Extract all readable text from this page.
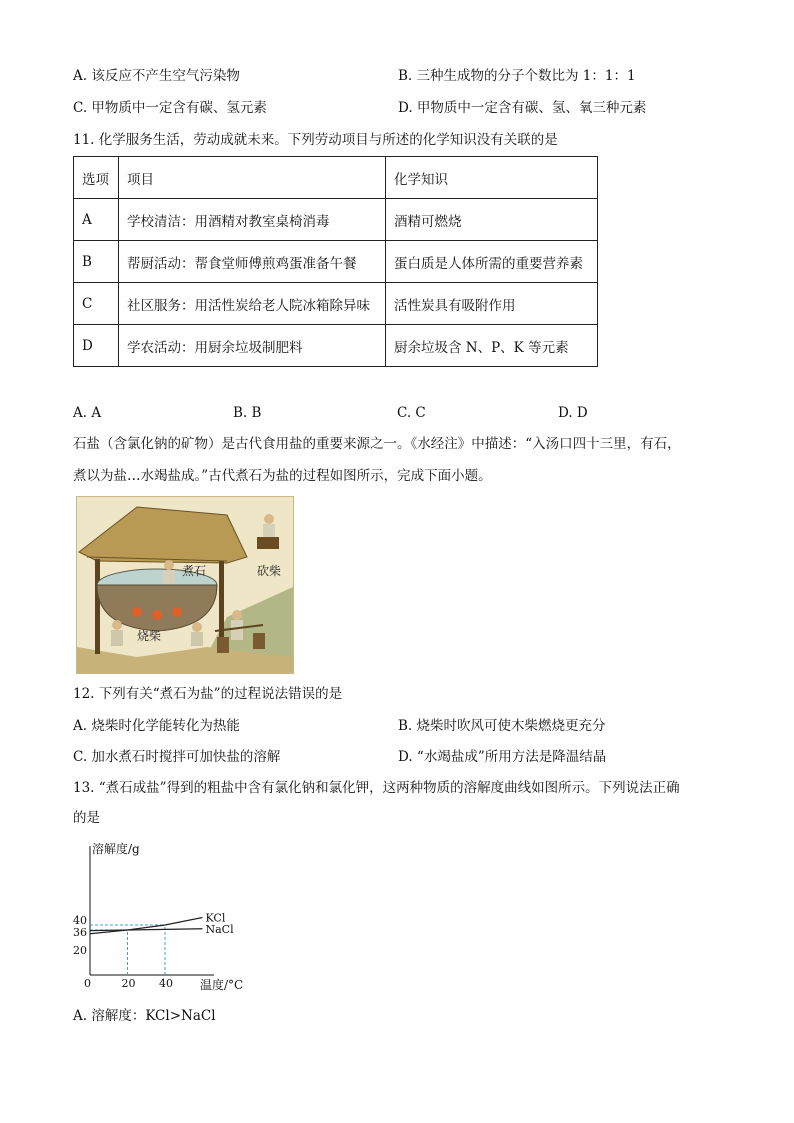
A. 该反应不产生空气污染物	B. 三种生成物的分子个数比为 1：1：1
C. 甲物质中一定含有碳、氢元素	D. 甲物质中一定含有碳、氢、氧三种元素
11. 化学服务生活，劳动成就未来。下列劳动项目与所述的化学知识没有关联的是
选项	项目	化学知识
A	学校清洁：用酒精对教室桌椅消毒	酒精可燃烧
B	帮厨活动：帮食堂师傅煎鸡蛋准备午餐	蛋白质是人体所需的重要营养素
C	社区服务：用活性炭给老人院冰箱除异味	活性炭具有吸附作用
D	学农活动：用厨余垃圾制肥料	厨余垃圾含 N、P、K 等元素
A. A	B. B	C. C	D. D
石盐（含氯化钠的矿物）是古代食用盐的重要来源之一。《水经注》中描述：“入汤口四十三里，有石，
煮以为盐…水竭盐成。”古代煮石为盐的过程如图所示，完成下面小题。
煮石	砍柴
烧柴
12. 下列有关“煮石为盐”的过程说法错误的是
A. 烧柴时化学能转化为热能	B. 烧柴时吹风可使木柴燃烧更充分
C. 加水煮石时搅拌可加快盐的溶解	D. “水竭盐成”所用方法是降温结晶
13. “煮石成盐”得到的粗盐中含有氯化钠和氯化钾，这两种物质的溶解度曲线如图所示。下列说法正确
的是
KCl
NaCl
20 40
20
36
40
溶解度/g
温度/°C
0
A. 溶解度：KCl>NaCl
